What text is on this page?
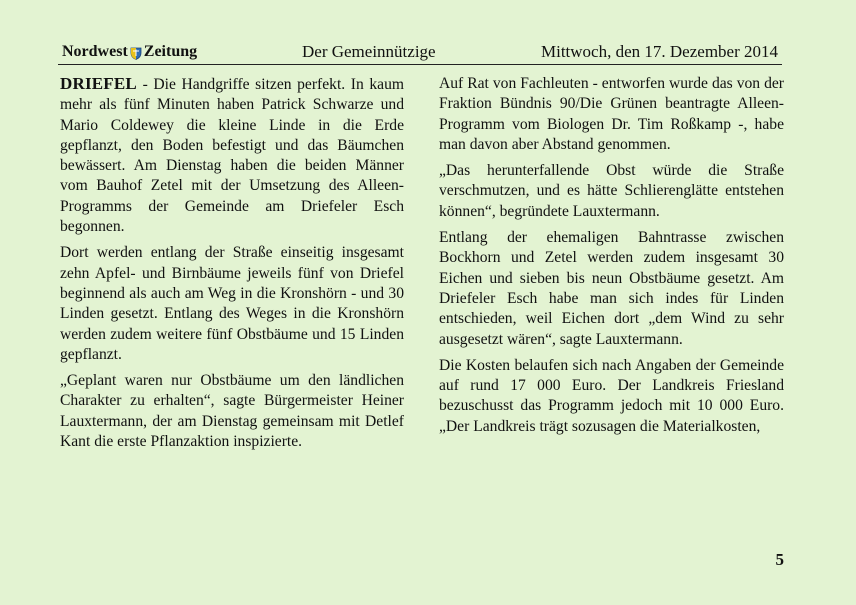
Nordwest Zeitung	Der Gemeinnützige	Mittwoch, den 17. Dezember 2014

DRIEFEL - Die Handgriffe sitzen perfekt. In kaum mehr als fünf Minuten haben Patrick Schwarze und Mario Coldewey die kleine Linde in die Erde gepflanzt, den Boden befestigt und das Bäumchen bewässert. Am Dienstag haben die beiden Männer vom Bauhof Zetel mit der Umsetzung des Alleen-Programms der Gemeinde am Driefeler Esch begonnen.

Dort werden entlang der Straße einseitig insgesamt zehn Apfel- und Birnbäume jeweils fünf von Driefel beginnend als auch am Weg in die Kronshörn - und 30 Linden gesetzt. Entlang des Weges in die Kronshörn werden zudem weitere fünf Obstbäume und 15 Linden gepflanzt.

„Geplant waren nur Obstbäume um den ländlichen Charakter zu erhalten“, sagte Bürgermeister Heiner Lauxtermann, der am Dienstag gemeinsam mit Detlef Kant die erste Pflanzaktion inspizierte.

Auf Rat von Fachleuten - entworfen wurde das von der Fraktion Bündnis 90/Die Grünen beantragte Alleen-Programm vom Biologen Dr. Tim Roßkamp -, habe man davon aber Abstand genommen.

„Das herunterfallende Obst würde die Straße verschmutzen, und es hätte Schlierenglätte entstehen können“, begründete Lauxtermann.

Entlang der ehemaligen Bahntrasse zwischen Bockhorn und Zetel werden zudem insgesamt 30 Eichen und sieben bis neun Obstbäume gesetzt. Am Driefeler Esch habe man sich indes für Linden entschieden, weil Eichen dort „dem Wind zu sehr ausgesetzt wären“, sagte Lauxtermann.

Die Kosten belaufen sich nach Angaben der Gemeinde auf rund 17 000 Euro. Der Landkreis Friesland bezuschusst das Programm jedoch mit 10 000 Euro. „Der Landkreis trägt sozusagen die Materialkosten,

5
